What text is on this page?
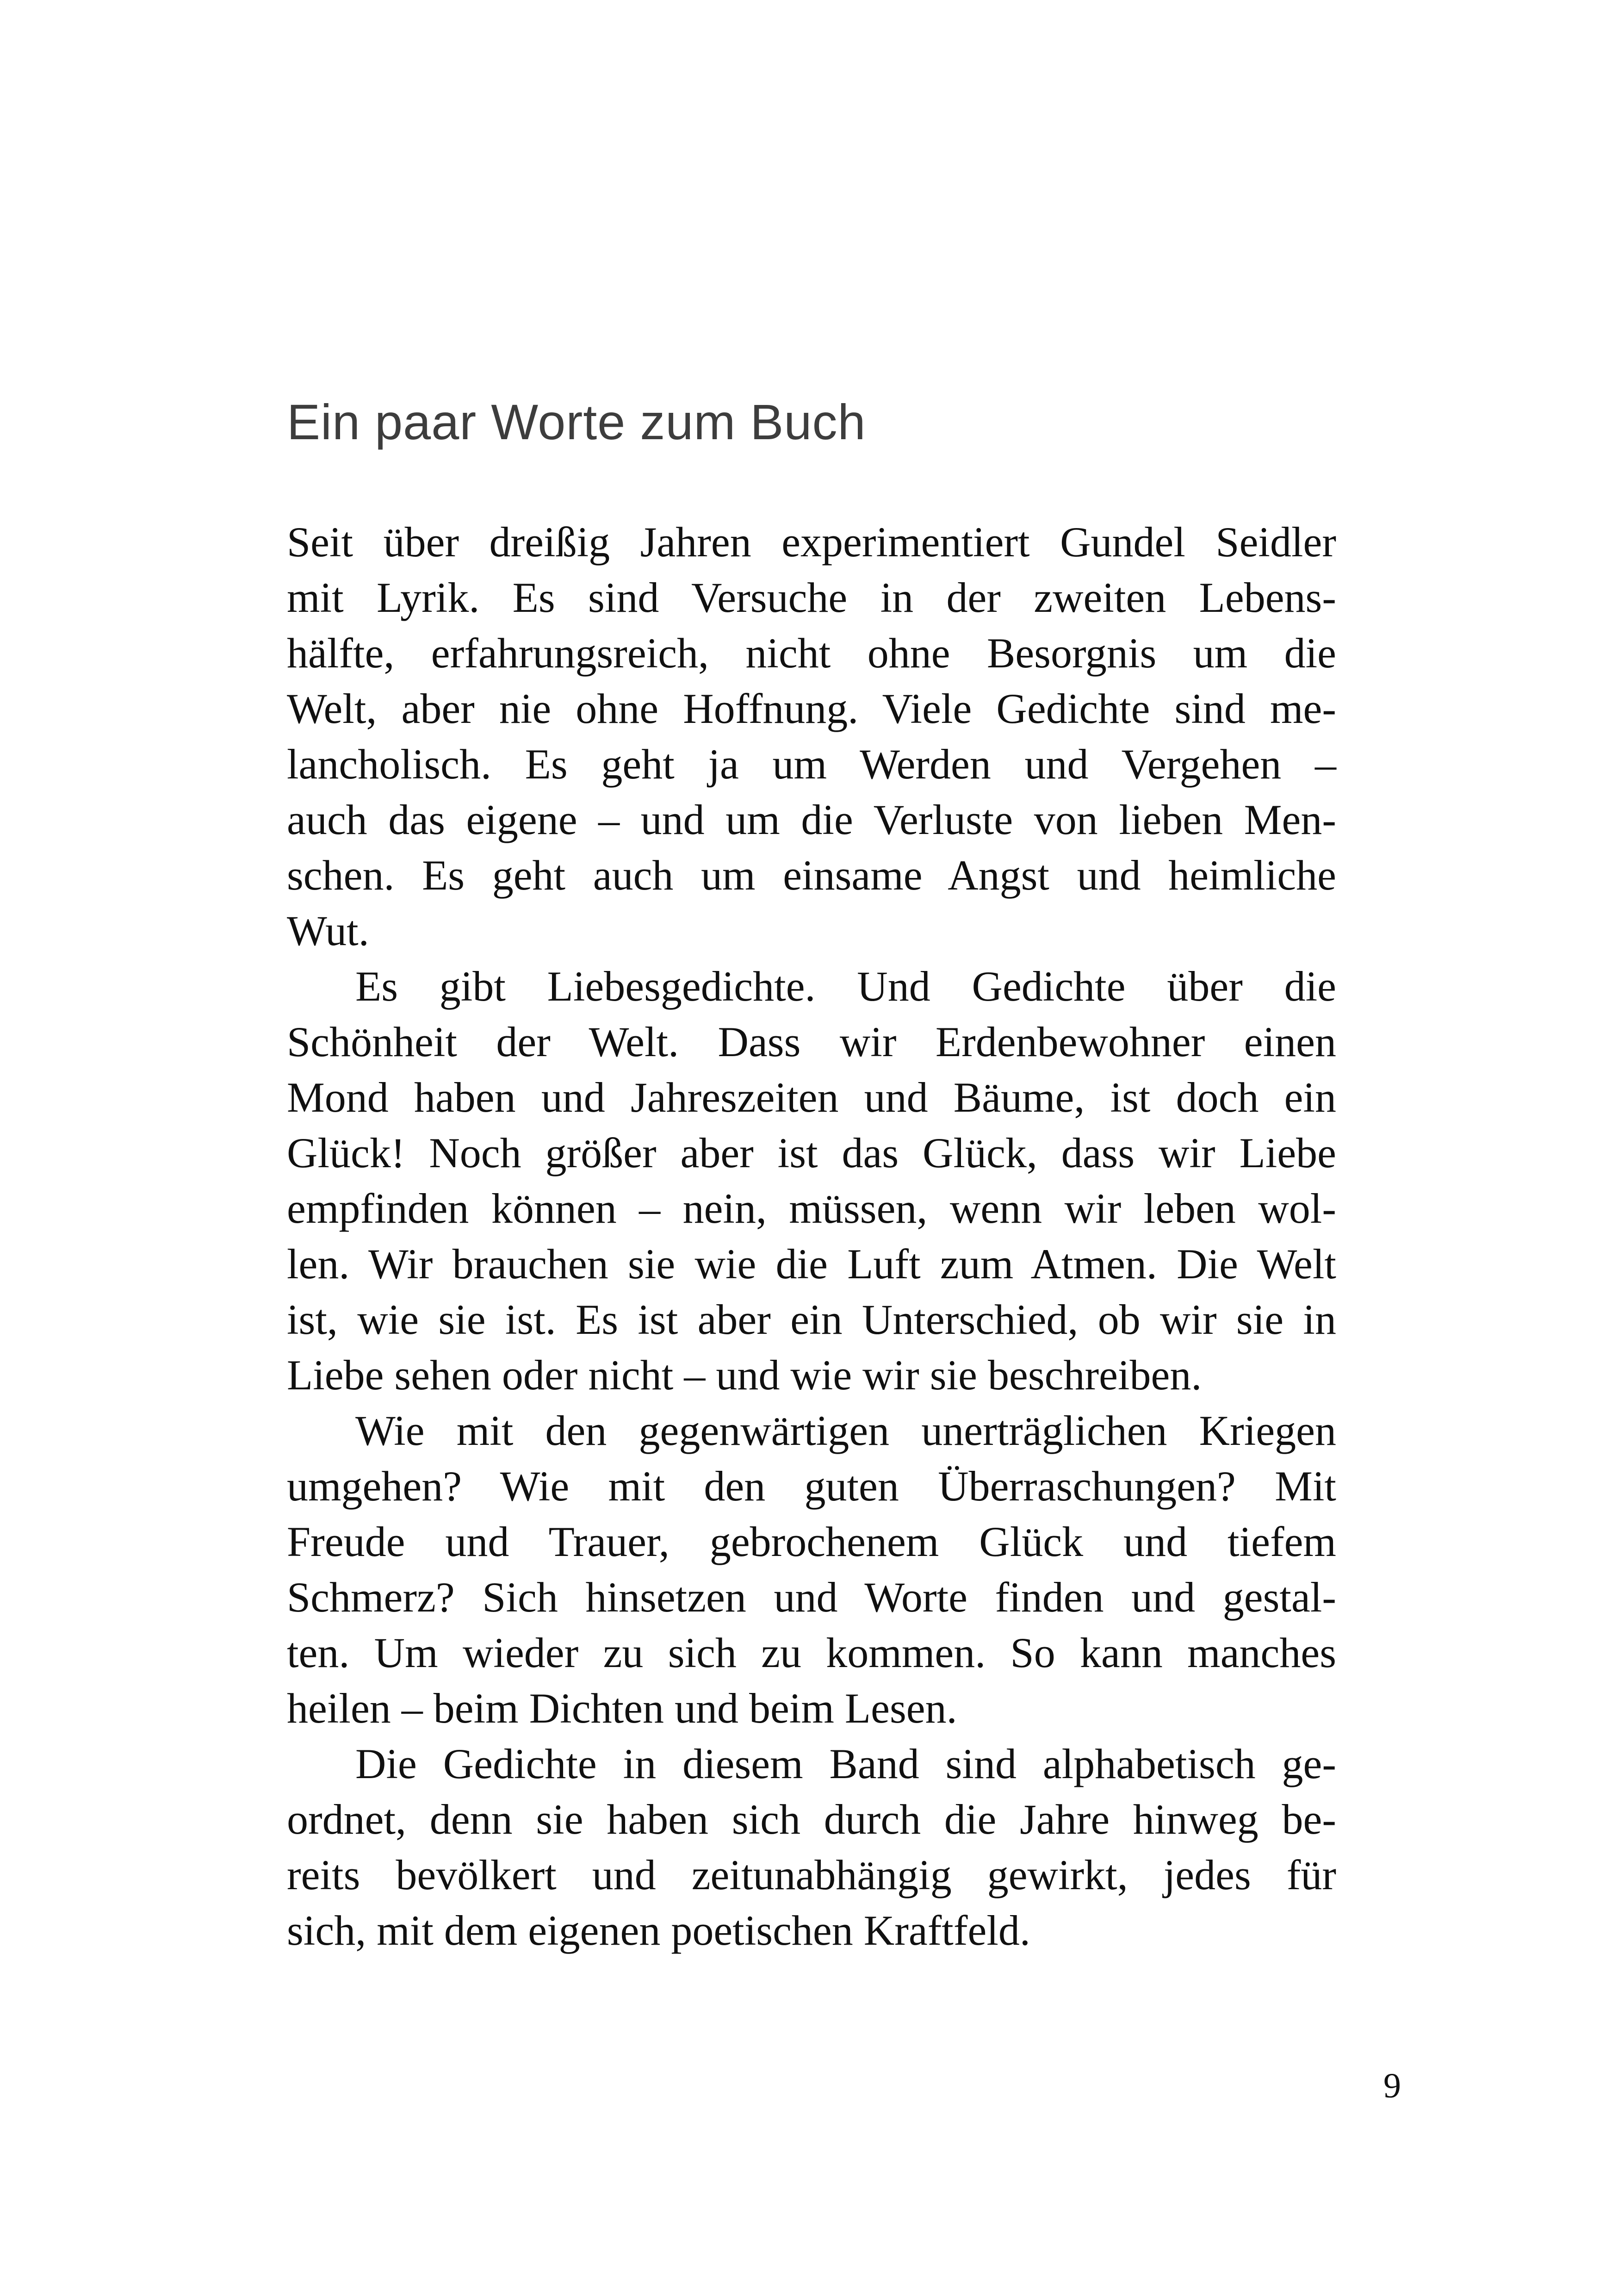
Ein paar Worte zum Buch
Seit über dreißig Jahren experimentiert Gundel Seidler
mit Lyrik. Es sind Versuche in der zweiten Lebens-
hälfte, erfahrungsreich, nicht ohne Besorgnis um die
Welt, aber nie ohne Hoffnung. Viele Gedichte sind me-
lancholisch. Es geht ja um Werden und Vergehen –
auch das eigene – und um die Verluste von lieben Men-
schen. Es geht auch um einsame Angst und heimliche
Wut.
Es gibt Liebesgedichte. Und Gedichte über die
Schönheit der Welt. Dass wir Erdenbewohner einen
Mond haben und Jahreszeiten und Bäume, ist doch ein
Glück! Noch größer aber ist das Glück, dass wir Liebe
empfinden können – nein, müssen, wenn wir leben wol-
len. Wir brauchen sie wie die Luft zum Atmen. Die Welt
ist, wie sie ist. Es ist aber ein Unterschied, ob wir sie in
Liebe sehen oder nicht – und wie wir sie beschreiben.
Wie mit den gegenwärtigen unerträglichen Kriegen
umgehen? Wie mit den guten Überraschungen? Mit
Freude und Trauer, gebrochenem Glück und tiefem
Schmerz? Sich hinsetzen und Worte finden und gestal-
ten. Um wieder zu sich zu kommen. So kann manches
heilen – beim Dichten und beim Lesen.
Die Gedichte in diesem Band sind alphabetisch ge-
ordnet, denn sie haben sich durch die Jahre hinweg be-
reits bevölkert und zeitunabhängig gewirkt, jedes für
sich, mit dem eigenen poetischen Kraftfeld.
9
